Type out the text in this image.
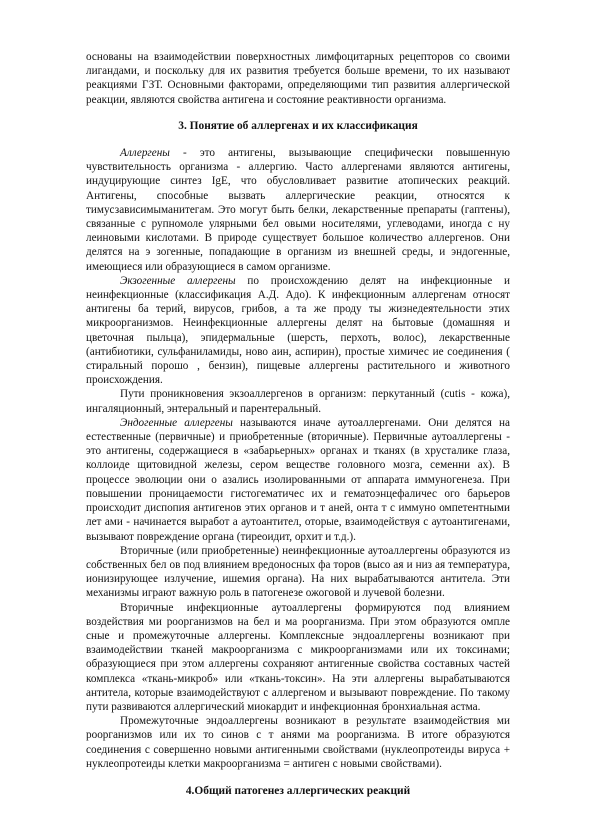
основаны на взаимодействии поверхностных лимфоцитарных рецепторов со своими лигандами, и поскольку для их развития требуется больше времени, то их называют реакциями ГЗТ. Основными факторами, определяющими тип развития аллергической реакции, являются свойства антигена и состояние реактивности организма.

3. Понятие об аллергенах и их классификация

Аллергены - это антигены, вызывающие специфически повышенную чувствительность организма - аллергию. Часто аллергенами являются антигены, индуцирующие синтез IgE, что обусловливает развитие атопических реакций. Антигены, способные вызвать аллергические реакции, относятся к тимусзависимыманитегам. Это могут быть белки, лекарственные препараты (гаптены), связанные с рупномоле улярными бел овыми носителями, углеводами, иногда с ну леиновыми кислотами. В природе существует большое количество аллергенов. Они делятся на э зогенные, попадающие в организм из внешней среды, и эндогенные, имеющиеся или образующиеся в самом организме.

Экзогенные аллергены по происхождению делят на инфекционные и неинфекционные (классификация А.Д. Адо). К инфекционным аллергенам относят антигены ба терий, вирусов, грибов, а та же проду ты жизнедеятельности этих микроорганизмов. Неинфекционные аллергены делят на бытовые (домашняя и цветочная пыльца), эпидермальные (шерсть, перхоть, волос), лекарственные (антибиотики, сульфаниламиды, ново аин, аспирин), простые химичес ие соединения ( стиральный порошо , бензин), пищевые аллергены растительного и животного происхождения.

Пути проникновения экзоаллергенов в организм: перкутанный (cutis - кожа), ингаляционный, энтеральный и парентеральный.

Эндогенные аллергены называются иначе аутоаллергенами. Они делятся на естественные (первичные) и приобретенные (вторичные). Первичные аутоаллергены - это антигены, содержащиеся в «забарьерных» органах и тканях (в хрусталике глаза, коллоиде щитовидной железы, сером веществе головного мозга, семенни ах). В процессе эволюции они о азались изолированными от аппарата иммуногенеза. При повышении проницаемости гистогематичес их и гематоэнцефаличес ого барьеров происходит диспопия антигенов этих органов и т аней, онта т с иммуно омпетентными лет ами - начинается выработ а аутоантител, оторые, взаимодействуя с аутоантигенами, вызывают повреждение органа (тиреоидит, орхит и т.д.).

Вторичные (или приобретенные) неинфекционные аутоаллергены образуются из собственных бел ов под влиянием вредоносных фа торов (высо ая и низ ая температура, ионизирующее излучение, ишемия органа). На них вырабатываются антитела. Эти механизмы играют важную роль в патогенезе ожоговой и лучевой болезни.

Вторичные инфекционные аутоаллергены формируются под влиянием воздействия ми роорганизмов на бел и ма роорганизма. При этом образуются омпле сные и промежуточные аллергены. Комплексные эндоаллергены возникают при взаимодействии тканей макроорганизма с микроорганизмами или их токсинами; образующиеся при этом аллергены сохраняют антигенные свойства составных частей комплекса «ткань-микроб» или «ткань-токсин». На эти аллергены вырабатываются антитела, которые взаимодействуют с аллергеном и вызывают повреждение. По такому пути развиваются аллергический миокардит и инфекционная бронхиальная астма.

Промежуточные эндоаллергены возникают в результате взаимодействия ми роорганизмов или их то синов с т анями ма роорганизма. В итоге образуются соединения с совершенно новыми антигенными свойствами (нуклеопротеиды вируса + нуклеопротеиды клетки макроорганизма = антиген с новыми свойствами).

4.Общий патогенез аллергических реакций
